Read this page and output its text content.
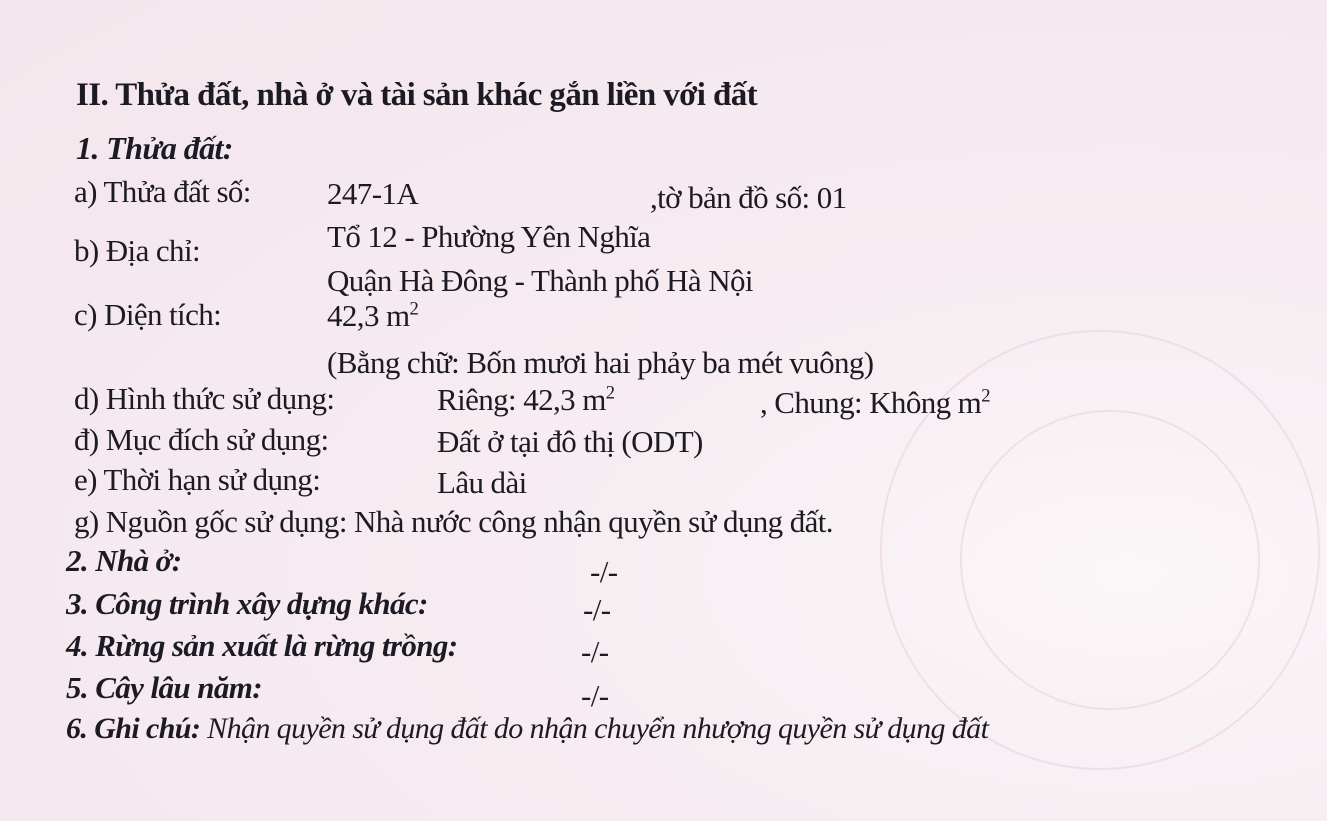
II. Thửa đất, nhà ở và tài sản khác gắn liền với đất
1. Thửa đất:
a) Thửa đất số: 247-1A	,tờ bản đồ số: 01
b) Địa chỉ:	Tổ 12 - Phường Yên Nghĩa
Quận Hà Đông - Thành phố Hà Nội
c) Diện tích:	42,3 $m^2$
(Bằng chữ: Bốn mươi hai phảy ba mét vuông)
d) Hình thức sử dụng:	Riêng: 42,3 $m^2$	, Chung: Không $m^2$
đ) Mục đích sử dụng:	Đất ở tại đô thị (ODT)
e) Thời hạn sử dụng:	Lâu dài
g) Nguồn gốc sử dụng: Nhà nước công nhận quyền sử dụng đất.
2. Nhà ở:	-/-
3. Công trình xây dựng khác:	-/-
4. Rừng sản xuất là rừng trồng:	-/-
5. Cây lâu năm:	-/-
6. Ghi chú: Nhận quyền sử dụng đất do nhận chuyển nhượng quyền sử dụng đất
